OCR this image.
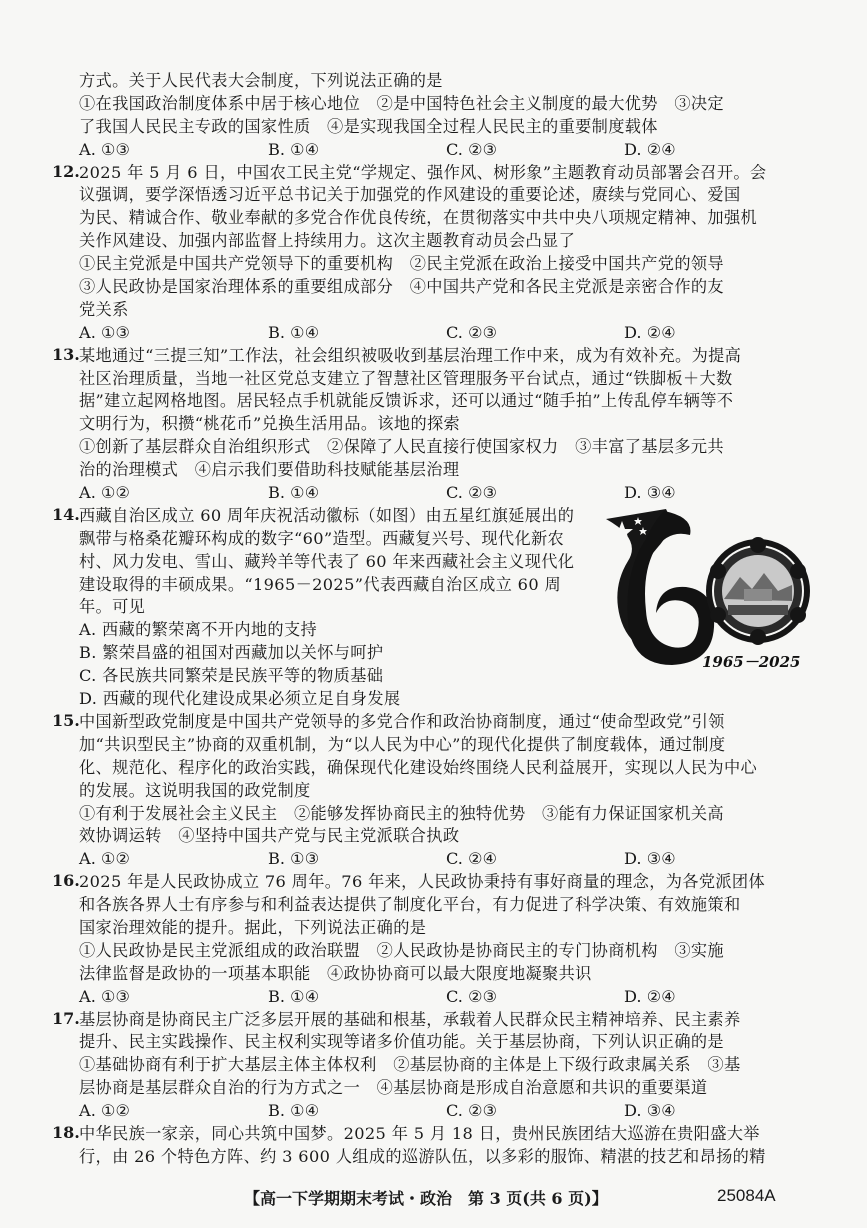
方式。关于人民代表大会制度，下列说法正确的是
①在我国政治制度体系中居于核心地位　②是中国特色社会主义制度的最大优势　③决定
了我国人民民主专政的国家性质　④是实现我国全过程人民民主的重要制度载体
A. ①③	B. ①④	C. ②③	D. ②④
12. 2025 年 5 月 6 日，中国农工民主党“学规定、强作风、树形象”主题教育动员部署会召开。会
议强调，要学深悟透习近平总书记关于加强党的作风建设的重要论述，赓续与党同心、爱国
为民、精诚合作、敬业奉献的多党合作优良传统，在贯彻落实中共中央八项规定精神、加强机
关作风建设、加强内部监督上持续用力。这次主题教育动员会凸显了
①民主党派是中国共产党领导下的重要机构　②民主党派在政治上接受中国共产党的领导
③人民政协是国家治理体系的重要组成部分　④中国共产党和各民主党派是亲密合作的友
党关系
A. ①③	B. ①④	C. ②③	D. ②④
13. 某地通过“三提三知”工作法，社会组织被吸收到基层治理工作中来，成为有效补充。为提高
社区治理质量，当地一社区党总支建立了智慧社区管理服务平台试点，通过“铁脚板＋大数
据”建立起网格地图。居民轻点手机就能反馈诉求，还可以通过“随手拍”上传乱停车辆等不
文明行为，积攒“桃花币”兑换生活用品。该地的探索
①创新了基层群众自治组织形式　②保障了人民直接行使国家权力　③丰富了基层多元共
治的治理模式　④启示我们要借助科技赋能基层治理
A. ①②	B. ①④	C. ②③	D. ③④
14. 西藏自治区成立 60 周年庆祝活动徽标（如图）由五星红旗延展出的
飘带与格桑花瓣环构成的数字“60”造型。西藏复兴号、现代化新农
村、风力发电、雪山、藏羚羊等代表了 60 年来西藏社会主义现代化
建设取得的丰硕成果。“1965－2025”代表西藏自治区成立 60 周
年。可见
A. 西藏的繁荣离不开内地的支持
B. 繁荣昌盛的祖国对西藏加以关怀与呵护
C. 各民族共同繁荣是民族平等的物质基础
D. 西藏的现代化建设成果必须立足自身发展
15. 中国新型政党制度是中国共产党领导的多党合作和政治协商制度，通过“使命型政党”引领
加“共识型民主”协商的双重机制，为“以人民为中心”的现代化提供了制度载体，通过制度
化、规范化、程序化的政治实践，确保现代化建设始终围绕人民利益展开，实现以人民为中心
的发展。这说明我国的政党制度
①有利于发展社会主义民主　②能够发挥协商民主的独特优势　③能有力保证国家机关高
效协调运转　④坚持中国共产党与民主党派联合执政
A. ①②	B. ①③	C. ②④	D. ③④
16. 2025 年是人民政协成立 76 周年。76 年来，人民政协秉持有事好商量的理念，为各党派团体
和各族各界人士有序参与和利益表达提供了制度化平台，有力促进了科学决策、有效施策和
国家治理效能的提升。据此，下列说法正确的是
①人民政协是民主党派组成的政治联盟　②人民政协是协商民主的专门协商机构　③实施
法律监督是政协的一项基本职能　④政协协商可以最大限度地凝聚共识
A. ①③	B. ①④	C. ②③	D. ②④
17. 基层协商是协商民主广泛多层开展的基础和根基，承载着人民群众民主精神培养、民主素养
提升、民主实践操作、民主权利实现等诸多价值功能。关于基层协商，下列认识正确的是
①基础协商有利于扩大基层主体主体权利　②基层协商的主体是上下级行政隶属关系　③基
层协商是基层群众自治的行为方式之一　④基层协商是形成自治意愿和共识的重要渠道
A. ①②	B. ①④	C. ②③	D. ③④
18. 中华民族一家亲，同心共筑中国梦。2025 年 5 月 18 日，贵州民族团结大巡游在贵阳盛大举
行，由 26 个特色方阵、约 3 600 人组成的巡游队伍，以多彩的服饰、精湛的技艺和昂扬的精
1965－2025
【高一下学期期末考试・政治　第 3 页(共 6 页)】	25084A
